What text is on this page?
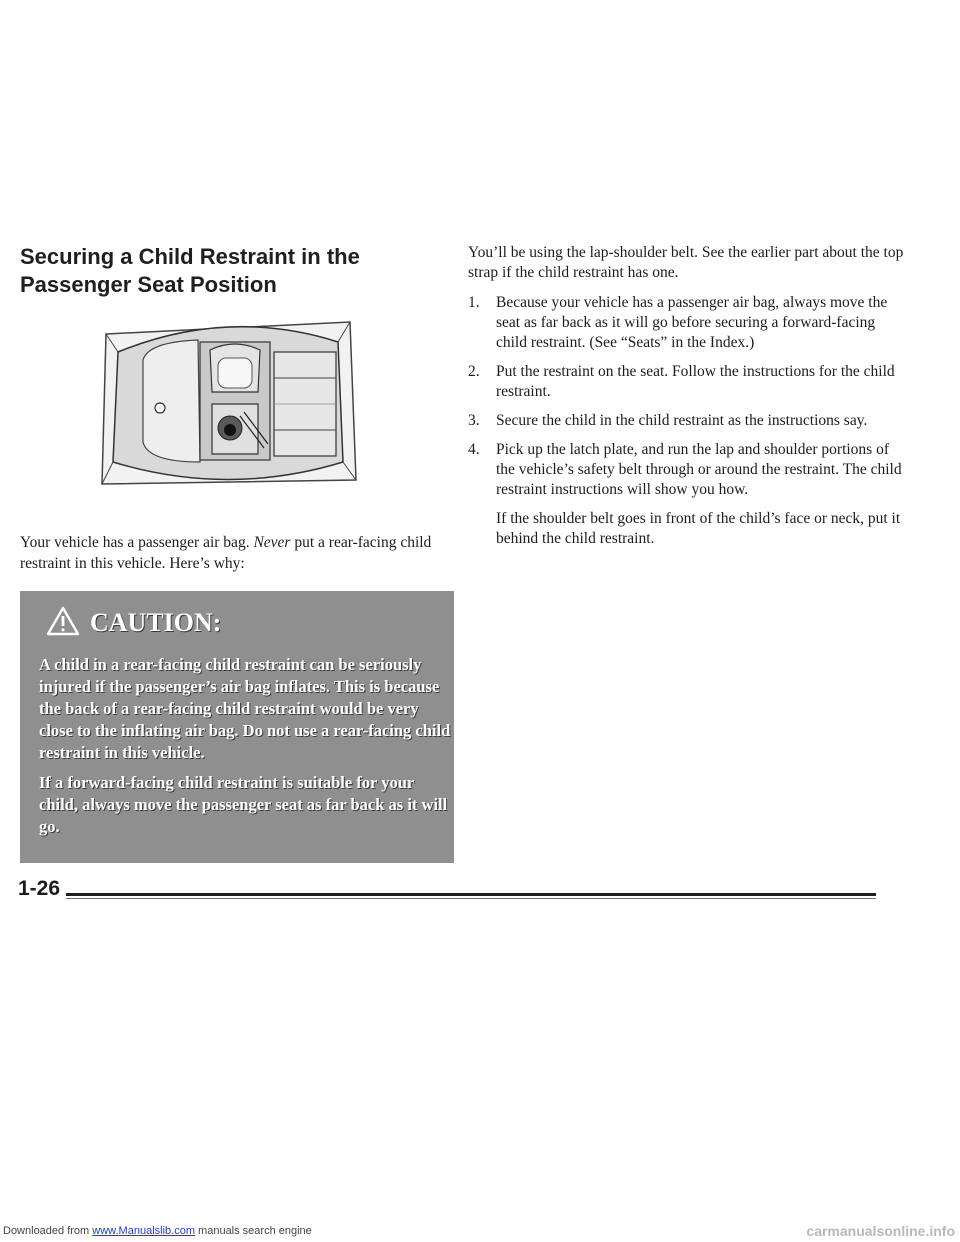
Securing a Child Restraint in the Passenger Seat Position

Your vehicle has a passenger air bag. Never put a rear-facing child restraint in this vehicle. Here’s why:

CAUTION:

A child in a rear-facing child restraint can be seriously injured if the passenger’s air bag inflates. This is because the back of a rear-facing child restraint would be very close to the inflating air bag. Do not use a rear-facing child restraint in this vehicle.

If a forward-facing child restraint is suitable for your child, always move the passenger seat as far back as it will go.

You’ll be using the lap-shoulder belt. See the earlier part about the top strap if the child restraint has one.

1. Because your vehicle has a passenger air bag, always move the seat as far back as it will go before securing a forward-facing child restraint. (See “Seats” in the Index.)
2. Put the restraint on the seat. Follow the instructions for the child restraint.
3. Secure the child in the child restraint as the instructions say.
4. Pick up the latch plate, and run the lap and shoulder portions of the vehicle’s safety belt through or around the restraint. The child restraint instructions will show you how.

If the shoulder belt goes in front of the child’s face or neck, put it behind the child restraint.

1-26
Downloaded from www.Manualslib.com manuals search engine	carmanualsonline.info
